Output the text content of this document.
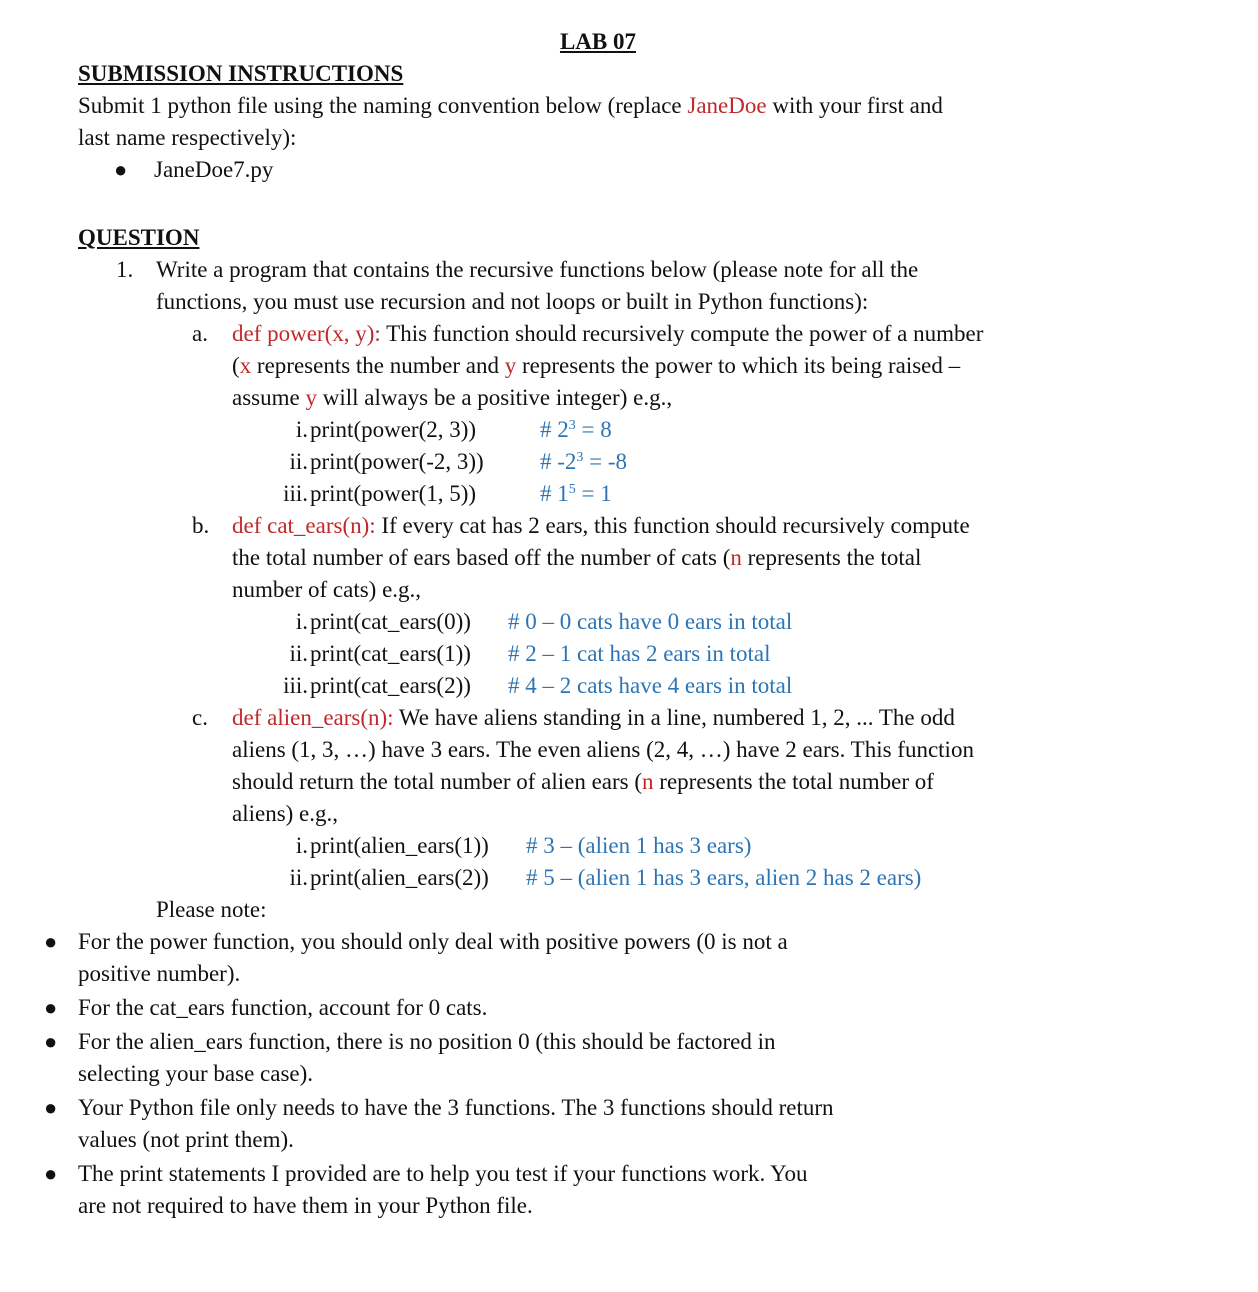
LAB 07
SUBMISSION INSTRUCTIONS
Submit 1 python file using the naming convention below (replace JaneDoe with your first and
last name respectively):
● JaneDoe7.py
QUESTION
1. Write a program that contains the recursive functions below (please note for all the
functions, you must use recursion and not loops or built in Python functions):
a. def power(x, y): This function should recursively compute the power of a number
(x represents the number and y represents the power to which its being raised –
assume y will always be a positive integer) e.g.,
i. print(power(2, 3))	# $2^3 = 8$
ii. print(power(-2, 3)) # $-2^3 = -8$
iii. print(power(1, 5))	# $1^5 = 1$
b. def cat_ears(n): If every cat has 2 ears, this function should recursively compute
the total number of ears based off the number of cats (n represents the total
number of cats) e.g.,
i. print(cat_ears(0)) # 0 – 0 cats have 0 ears in total
ii. print(cat_ears(1)) # 2 – 1 cat has 2 ears in total
iii. print(cat_ears(2)) # 4 – 2 cats have 4 ears in total
c. def alien_ears(n): We have aliens standing in a line, numbered 1, 2, ... The odd
aliens (1, 3, …) have 3 ears. The even aliens (2, 4, …) have 2 ears. This function
should return the total number of alien ears (n represents the total number of
aliens) e.g.,
i. print(alien_ears(1)) # 3 – (alien 1 has 3 ears)
ii. print(alien_ears(2)) # 5 – (alien 1 has 3 ears, alien 2 has 2 ears)
Please note:
● For the power function, you should only deal with positive powers (0 is not a
positive number).
● For the cat_ears function, account for 0 cats.
● For the alien_ears function, there is no position 0 (this should be factored in
selecting your base case).
● Your Python file only needs to have the 3 functions. The 3 functions should return
values (not print them).
● The print statements I provided are to help you test if your functions work. You
are not required to have them in your Python file.
